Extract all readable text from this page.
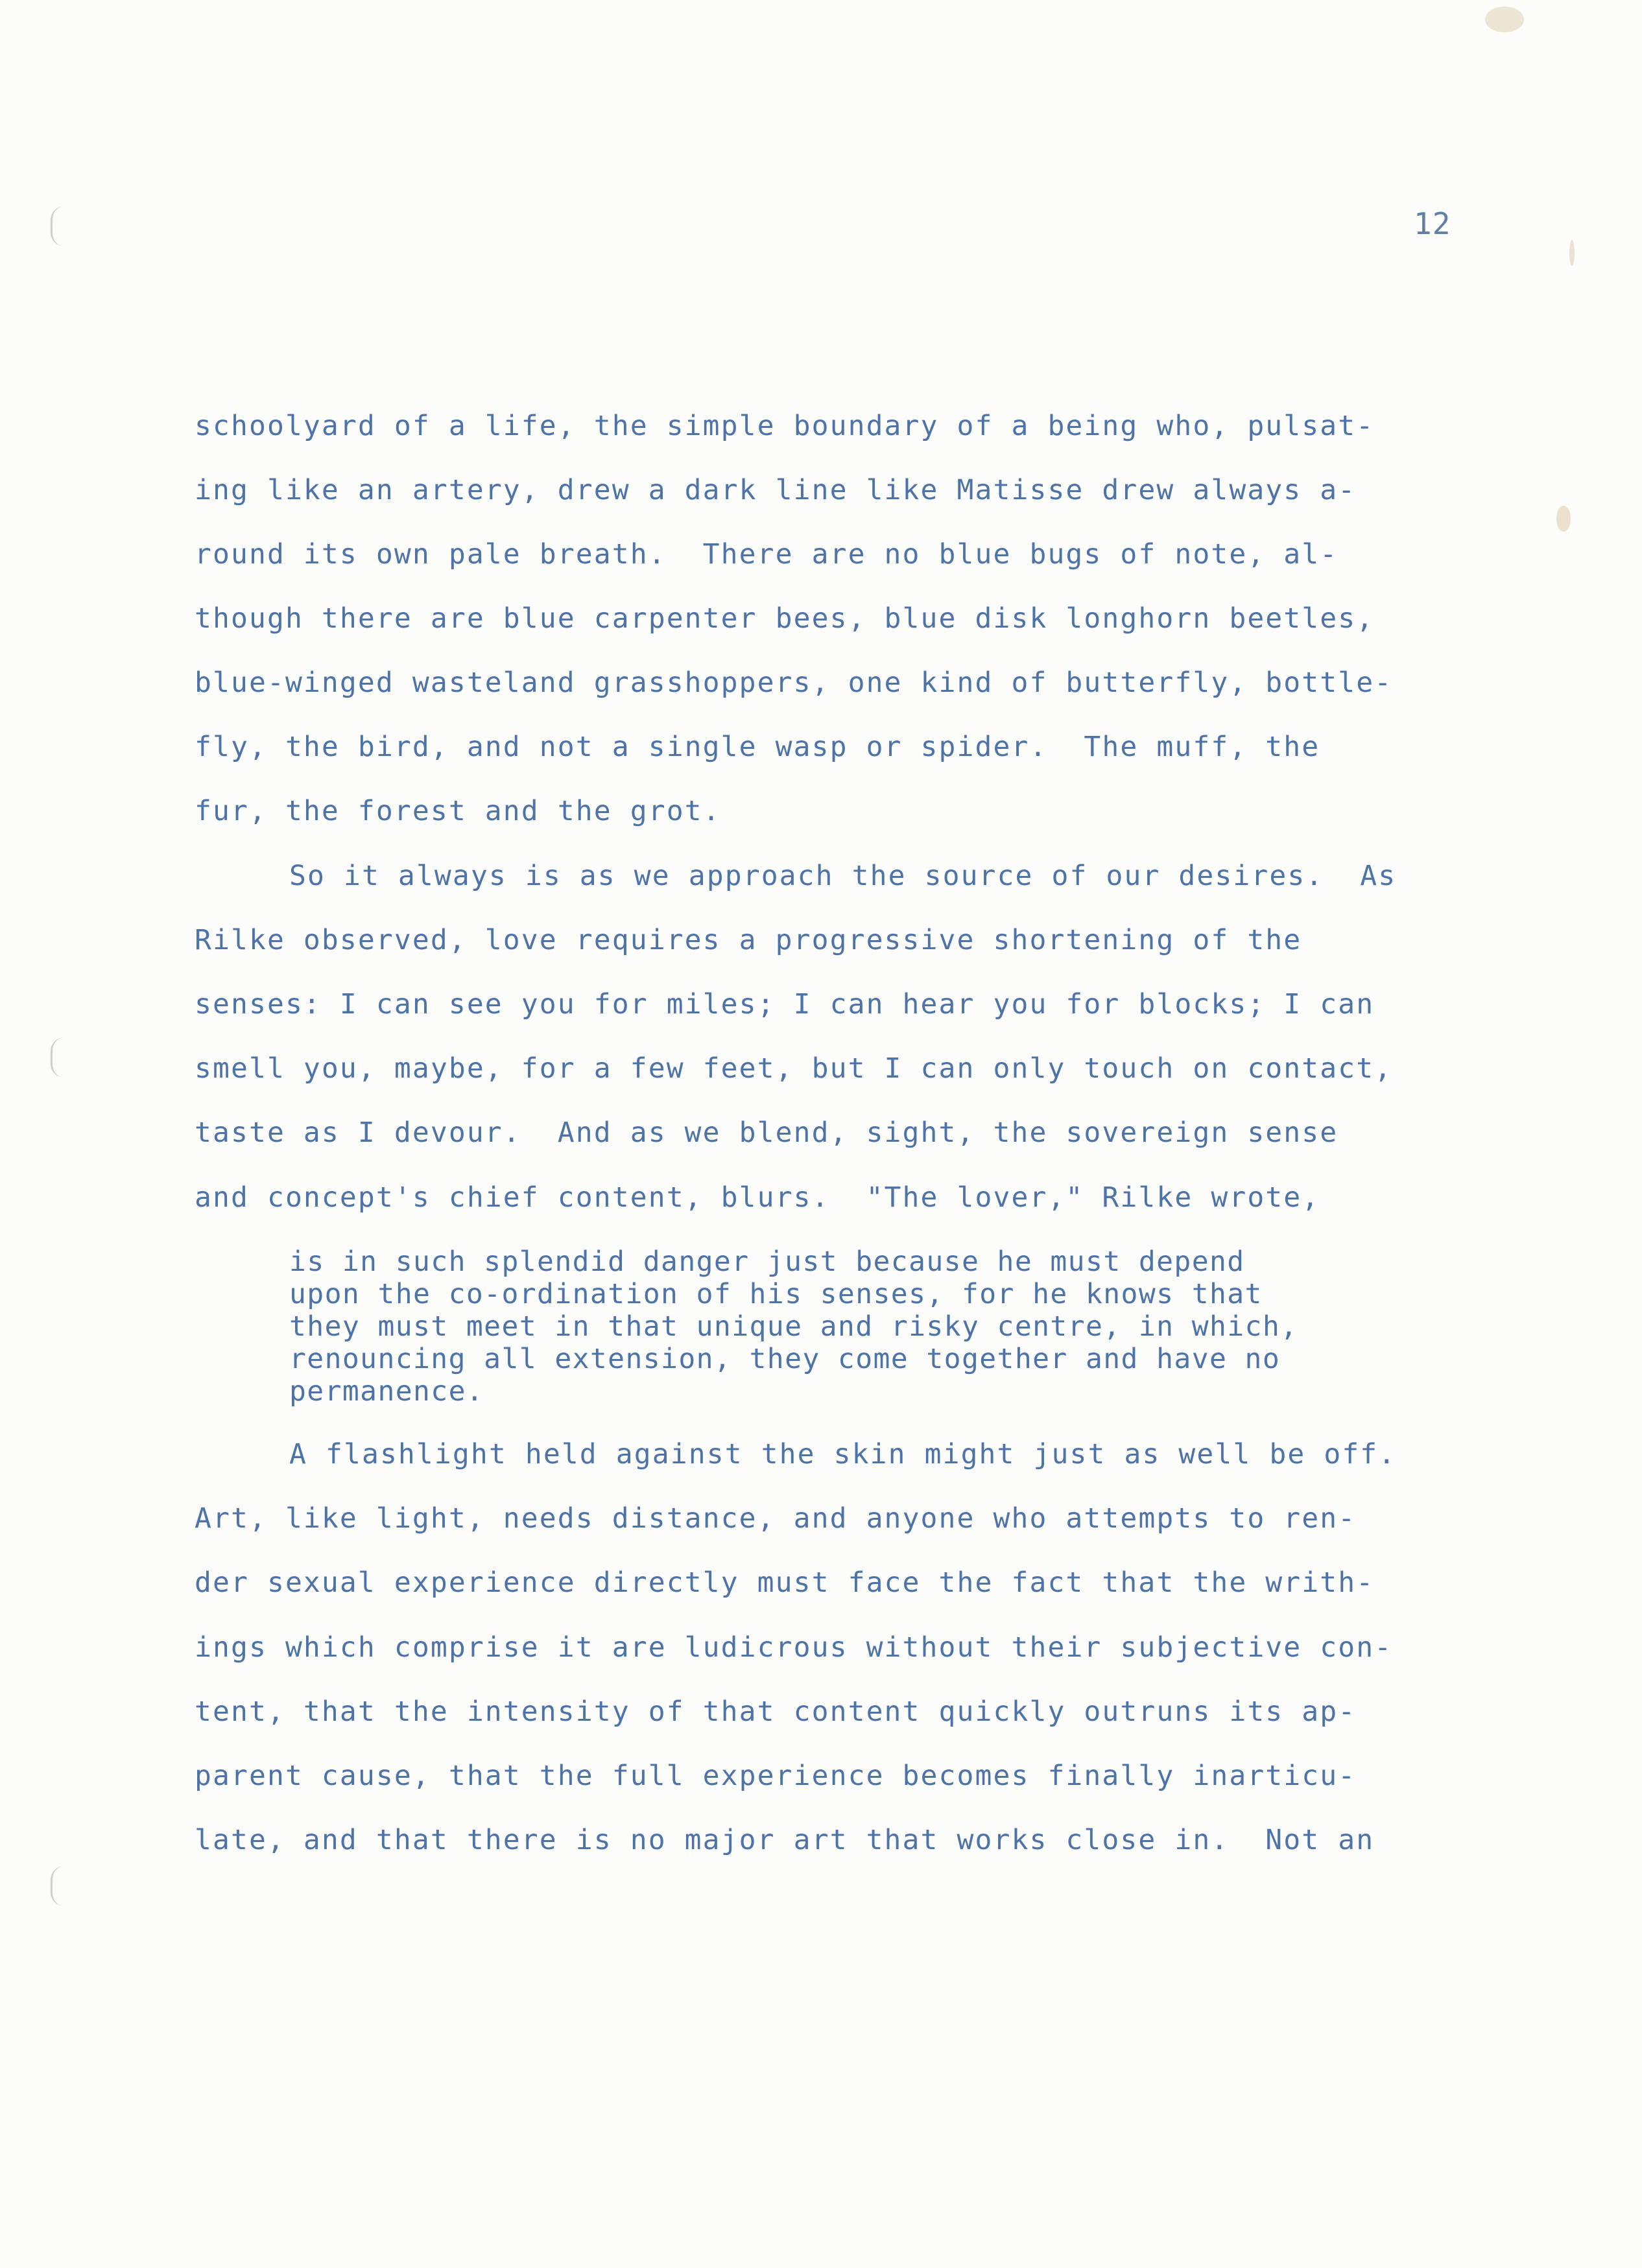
12
schoolyard of a life, the simple boundary of a being who, pulsat-
ing like an artery, drew a dark line like Matisse drew always a-
round its own pale breath.  There are no blue bugs of note, al-
though there are blue carpenter bees, blue disk longhorn beetles,
blue-winged wasteland grasshoppers, one kind of butterfly, bottle-
fly, the bird, and not a single wasp or spider.  The muff, the
fur, the forest and the grot.
So it always is as we approach the source of our desires.  As
Rilke observed, love requires a progressive shortening of the
senses: I can see you for miles; I can hear you for blocks; I can
smell you, maybe, for a few feet, but I can only touch on contact,
taste as I devour.  And as we blend, sight, the sovereign sense
and concept's chief content, blurs.  "The lover," Rilke wrote,
is in such splendid danger just because he must depend
upon the co-ordination of his senses, for he knows that
they must meet in that unique and risky centre, in which,
renouncing all extension, they come together and have no
permanence.
A flashlight held against the skin might just as well be off.
Art, like light, needs distance, and anyone who attempts to ren-
der sexual experience directly must face the fact that the writh-
ings which comprise it are ludicrous without their subjective con-
tent, that the intensity of that content quickly outruns its ap-
parent cause, that the full experience becomes finally inarticu-
late, and that there is no major art that works close in.  Not an
